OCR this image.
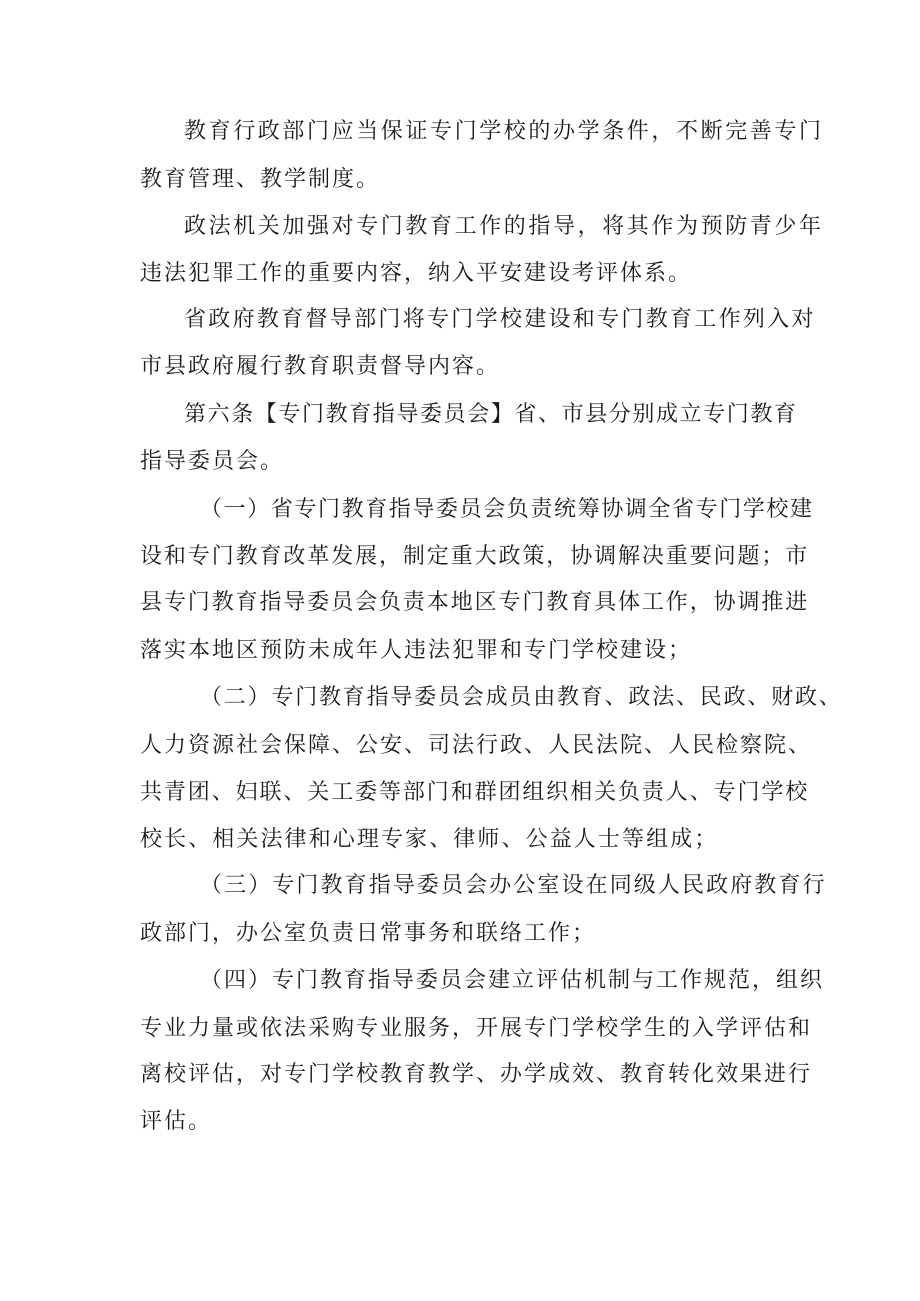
教育行政部门应当保证专门学校的办学条件，不断完善专门
教育管理、教学制度。
政法机关加强对专门教育工作的指导，将其作为预防青少年
违法犯罪工作的重要内容，纳入平安建设考评体系。
省政府教育督导部门将专门学校建设和专门教育工作列入对
市县政府履行教育职责督导内容。
第六条【专门教育指导委员会】省、市县分别成立专门教育
指导委员会。
（一）省专门教育指导委员会负责统筹协调全省专门学校建
设和专门教育改革发展，制定重大政策，协调解决重要问题；市
县专门教育指导委员会负责本地区专门教育具体工作，协调推进
落实本地区预防未成年人违法犯罪和专门学校建设；
（二）专门教育指导委员会成员由教育、政法、民政、财政、
人力资源社会保障、公安、司法行政、人民法院、人民检察院、
共青团、妇联、关工委等部门和群团组织相关负责人、专门学校
校长、相关法律和心理专家、律师、公益人士等组成；
（三）专门教育指导委员会办公室设在同级人民政府教育行
政部门，办公室负责日常事务和联络工作；
（四）专门教育指导委员会建立评估机制与工作规范，组织
专业力量或依法采购专业服务，开展专门学校学生的入学评估和
离校评估，对专门学校教育教学、办学成效、教育转化效果进行
评估。
